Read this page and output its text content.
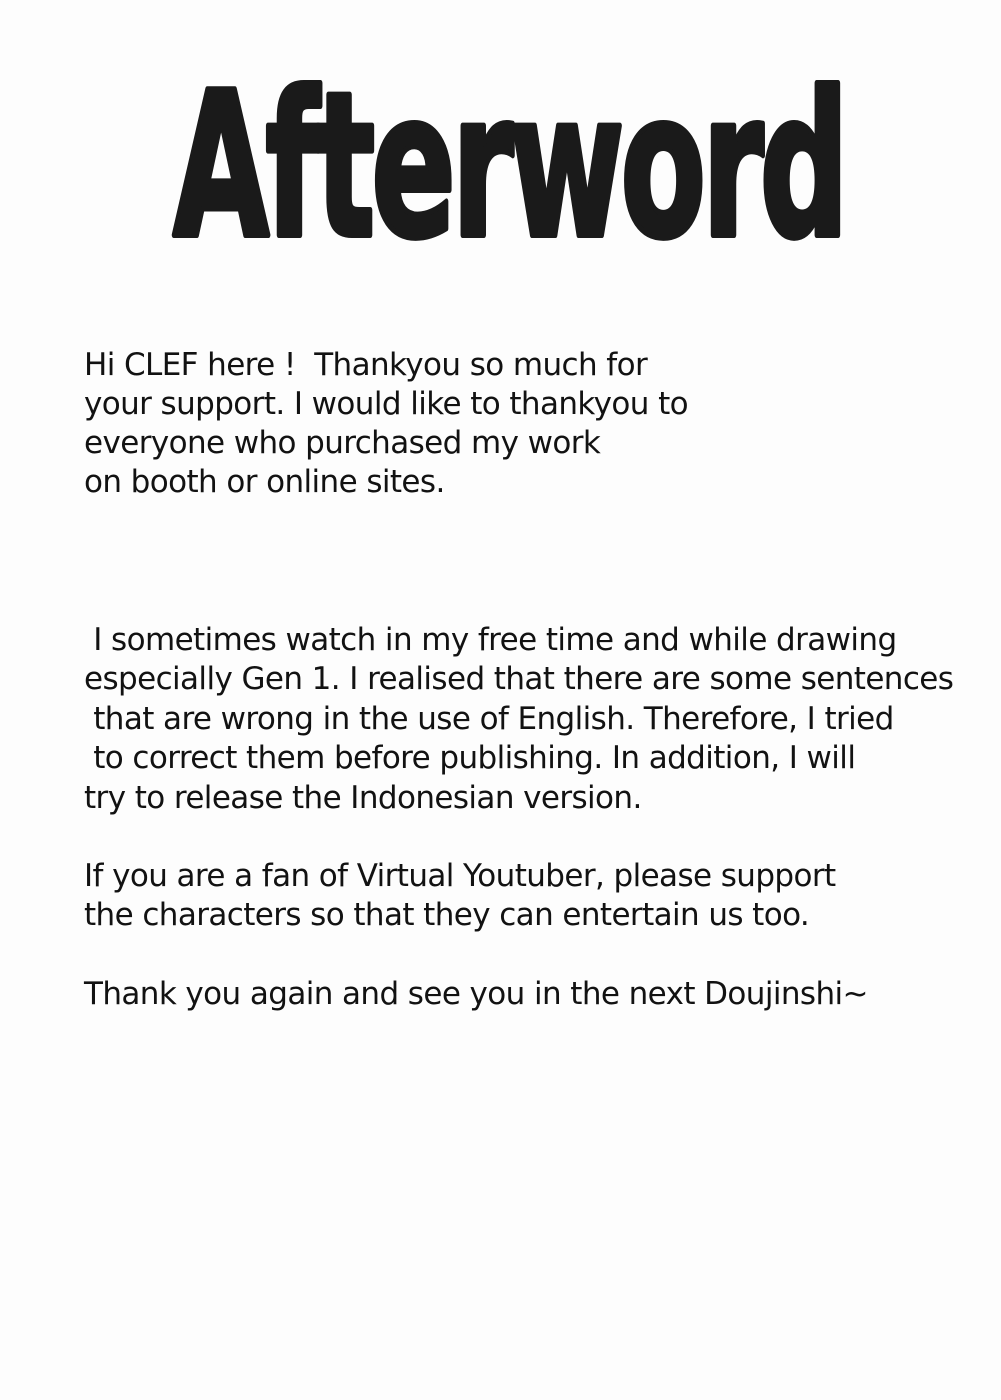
Afterword
Hi CLEF here !  Thankyou so much for
your support. I would like to thankyou to
everyone who purchased my work
on booth or online sites.
I sometimes watch in my free time and while drawing
especially Gen 1. I realised that there are some sentences
that are wrong in the use of English. Therefore, I tried
to correct them before publishing. In addition, I will
try to release the Indonesian version.
If you are a fan of Virtual Youtuber, please support
the characters so that they can entertain us too.
Thank you again and see you in the next Doujinshi~
